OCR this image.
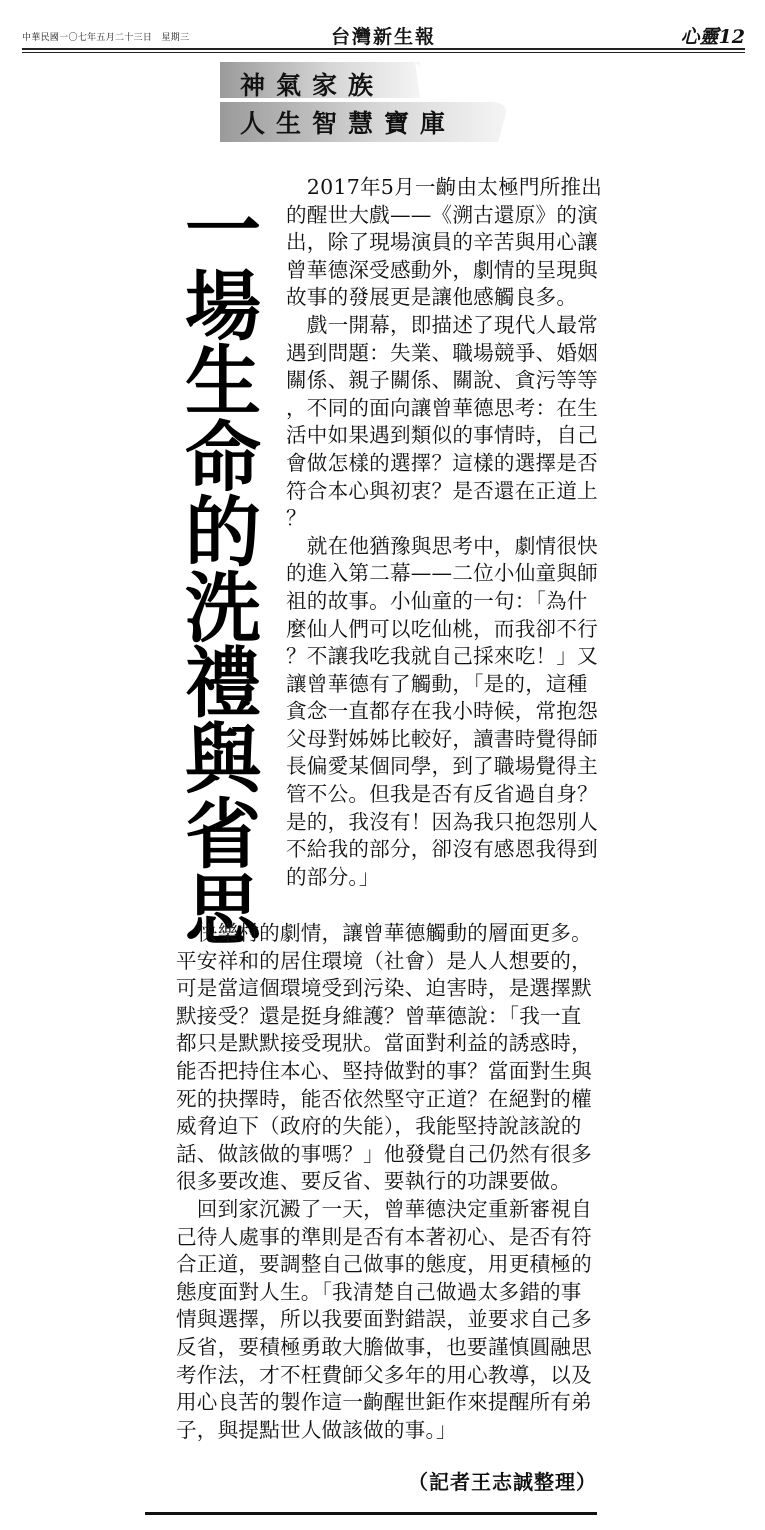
中華民國一〇七年五月二十三日　星期三	台灣新生報	心靈12
神氣家族
人生智慧寶庫
一
場
生
命
的
洗
禮
與
省
思
　2017年5月一齣由太極門所推出
的醒世大戲——《溯古還原》的演
出，除了現場演員的辛苦與用心讓
曾華德深受感動外，劇情的呈現與
故事的發展更是讓他感觸良多。
　戲一開幕，即描述了現代人最常
遇到問題：失業、職場競爭、婚姻
關係、親子關係、關說、貪污等等
，不同的面向讓曾華德思考：在生
活中如果遇到類似的事情時，自己
會做怎樣的選擇？這樣的選擇是否
符合本心與初衷？是否還在正道上
？
　就在他猶豫與思考中，劇情很快
的進入第二幕——二位小仙童與師
祖的故事。小仙童的一句：「為什
麼仙人們可以吃仙桃，而我卻不行
？不讓我吃我就自己採來吃！」又
讓曾華德有了觸動，「是的，這種
貪念一直都存在我小時候，常抱怨
父母對姊姊比較好，讀書時覺得師
長偏愛某個同學，到了職場覺得主
管不公。但我是否有反省過自身？
是的，我沒有！因為我只抱怨別人
不給我的部分，卻沒有感恩我得到
的部分。」
　快樂村的劇情，讓曾華德觸動的層面更多。
平安祥和的居住環境（社會）是人人想要的，
可是當這個環境受到污染、迫害時，是選擇默
默接受？還是挺身維護？曾華德說：「我一直
都只是默默接受現狀。當面對利益的誘惑時，
能否把持住本心、堅持做對的事？當面對生與
死的抉擇時，能否依然堅守正道？在絕對的權
威脅迫下（政府的失能），我能堅持說該說的
話、做該做的事嗎？」他發覺自己仍然有很多
很多要改進、要反省、要執行的功課要做。
　回到家沉澱了一天，曾華德決定重新審視自
己待人處事的準則是否有本著初心、是否有符
合正道，要調整自己做事的態度，用更積極的
態度面對人生。「我清楚自己做過太多錯的事
情與選擇，所以我要面對錯誤，並要求自己多
反省，要積極勇敢大膽做事，也要謹慎圓融思
考作法，才不枉費師父多年的用心教導，以及
用心良苦的製作這一齣醒世鉅作來提醒所有弟
子，與提點世人做該做的事。」
（記者王志誠整理）
